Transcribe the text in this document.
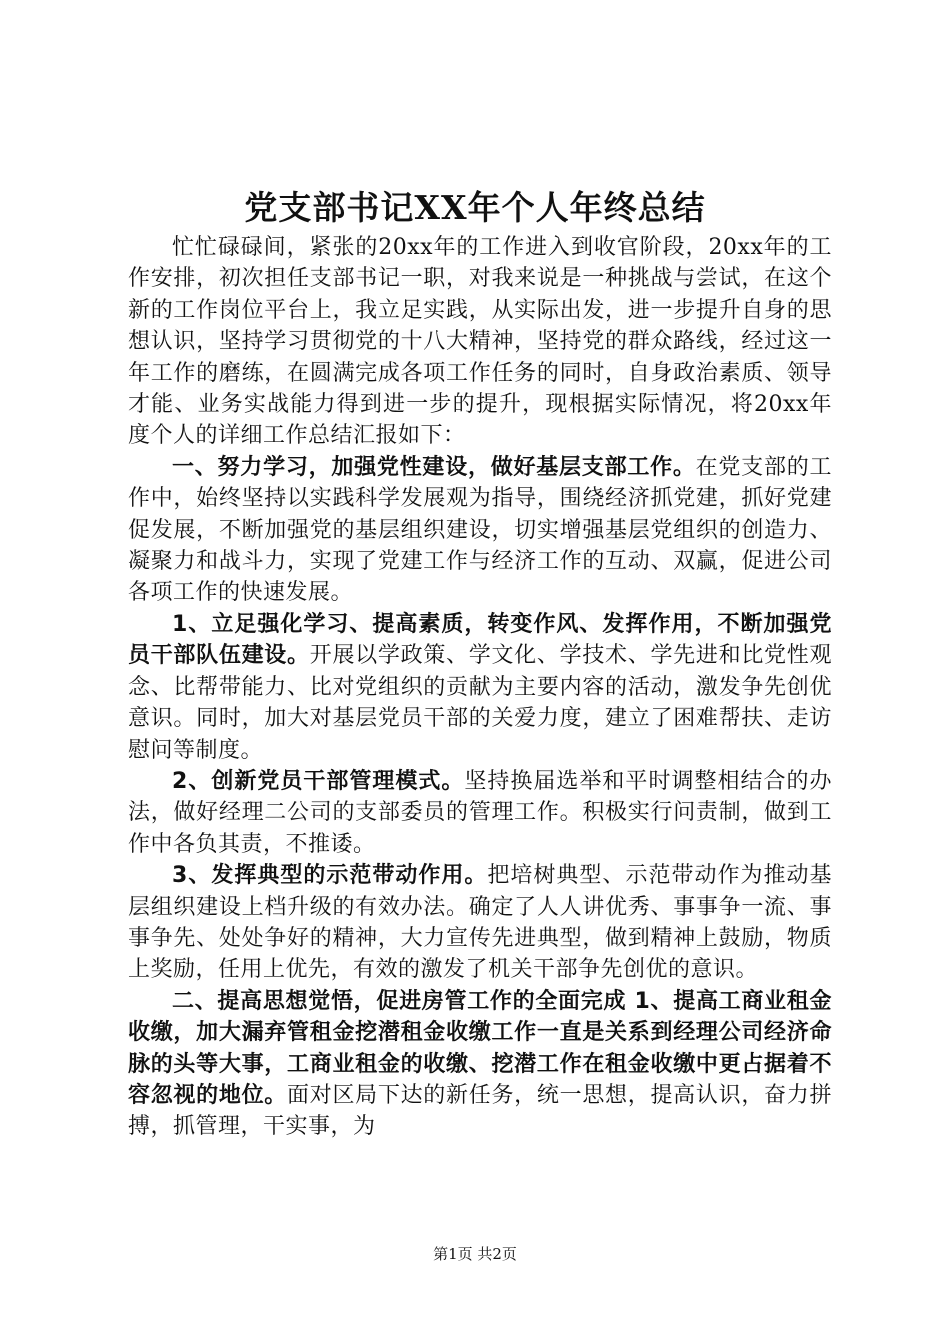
党支部书记XX年个人年终总结

忙忙碌碌间，紧张的20xx年的工作进入到收官阶段，20xx年的工作安排，初次担任支部书记一职，对我来说是一种挑战与尝试，在这个新的工作岗位平台上，我立足实践，从实际出发，进一步提升自身的思想认识，坚持学习贯彻党的十八大精神，坚持党的群众路线，经过这一年工作的磨练，在圆满完成各项工作任务的同时，自身政治素质、领导才能、业务实战能力得到进一步的提升，现根据实际情况，将20xx年度个人的详细工作总结汇报如下：

一、努力学习，加强党性建设，做好基层支部工作。在党支部的工作中，始终坚持以实践科学发展观为指导，围绕经济抓党建，抓好党建促发展，不断加强党的基层组织建设，切实增强基层党组织的创造力、凝聚力和战斗力，实现了党建工作与经济工作的互动、双赢，促进公司各项工作的快速发展。

1、立足强化学习、提高素质，转变作风、发挥作用，不断加强党员干部队伍建设。开展以学政策、学文化、学技术、学先进和比党性观念、比帮带能力、比对党组织的贡献为主要内容的活动，激发争先创优意识。同时，加大对基层党员干部的关爱力度，建立了困难帮扶、走访慰问等制度。

2、创新党员干部管理模式。坚持换届选举和平时调整相结合的办法，做好经理二公司的支部委员的管理工作。积极实行问责制，做到工作中各负其责，不推诿。

3、发挥典型的示范带动作用。把培树典型、示范带动作为推动基层组织建设上档升级的有效办法。确定了人人讲优秀、事事争一流、事事争先、处处争好的精神，大力宣传先进典型，做到精神上鼓励，物质上奖励，任用上优先，有效的激发了机关干部争先创优的意识。

二、提高思想觉悟，促进房管工作的全面完成 1、提高工商业租金收缴，加大漏弃管租金挖潜租金收缴工作一直是关系到经理公司经济命脉的头等大事，工商业租金的收缴、挖潜工作在租金收缴中更占据着不容忽视的地位。面对区局下达的新任务，统一思想，提高认识，奋力拼搏，抓管理，干实事，为

第1页 共2页
